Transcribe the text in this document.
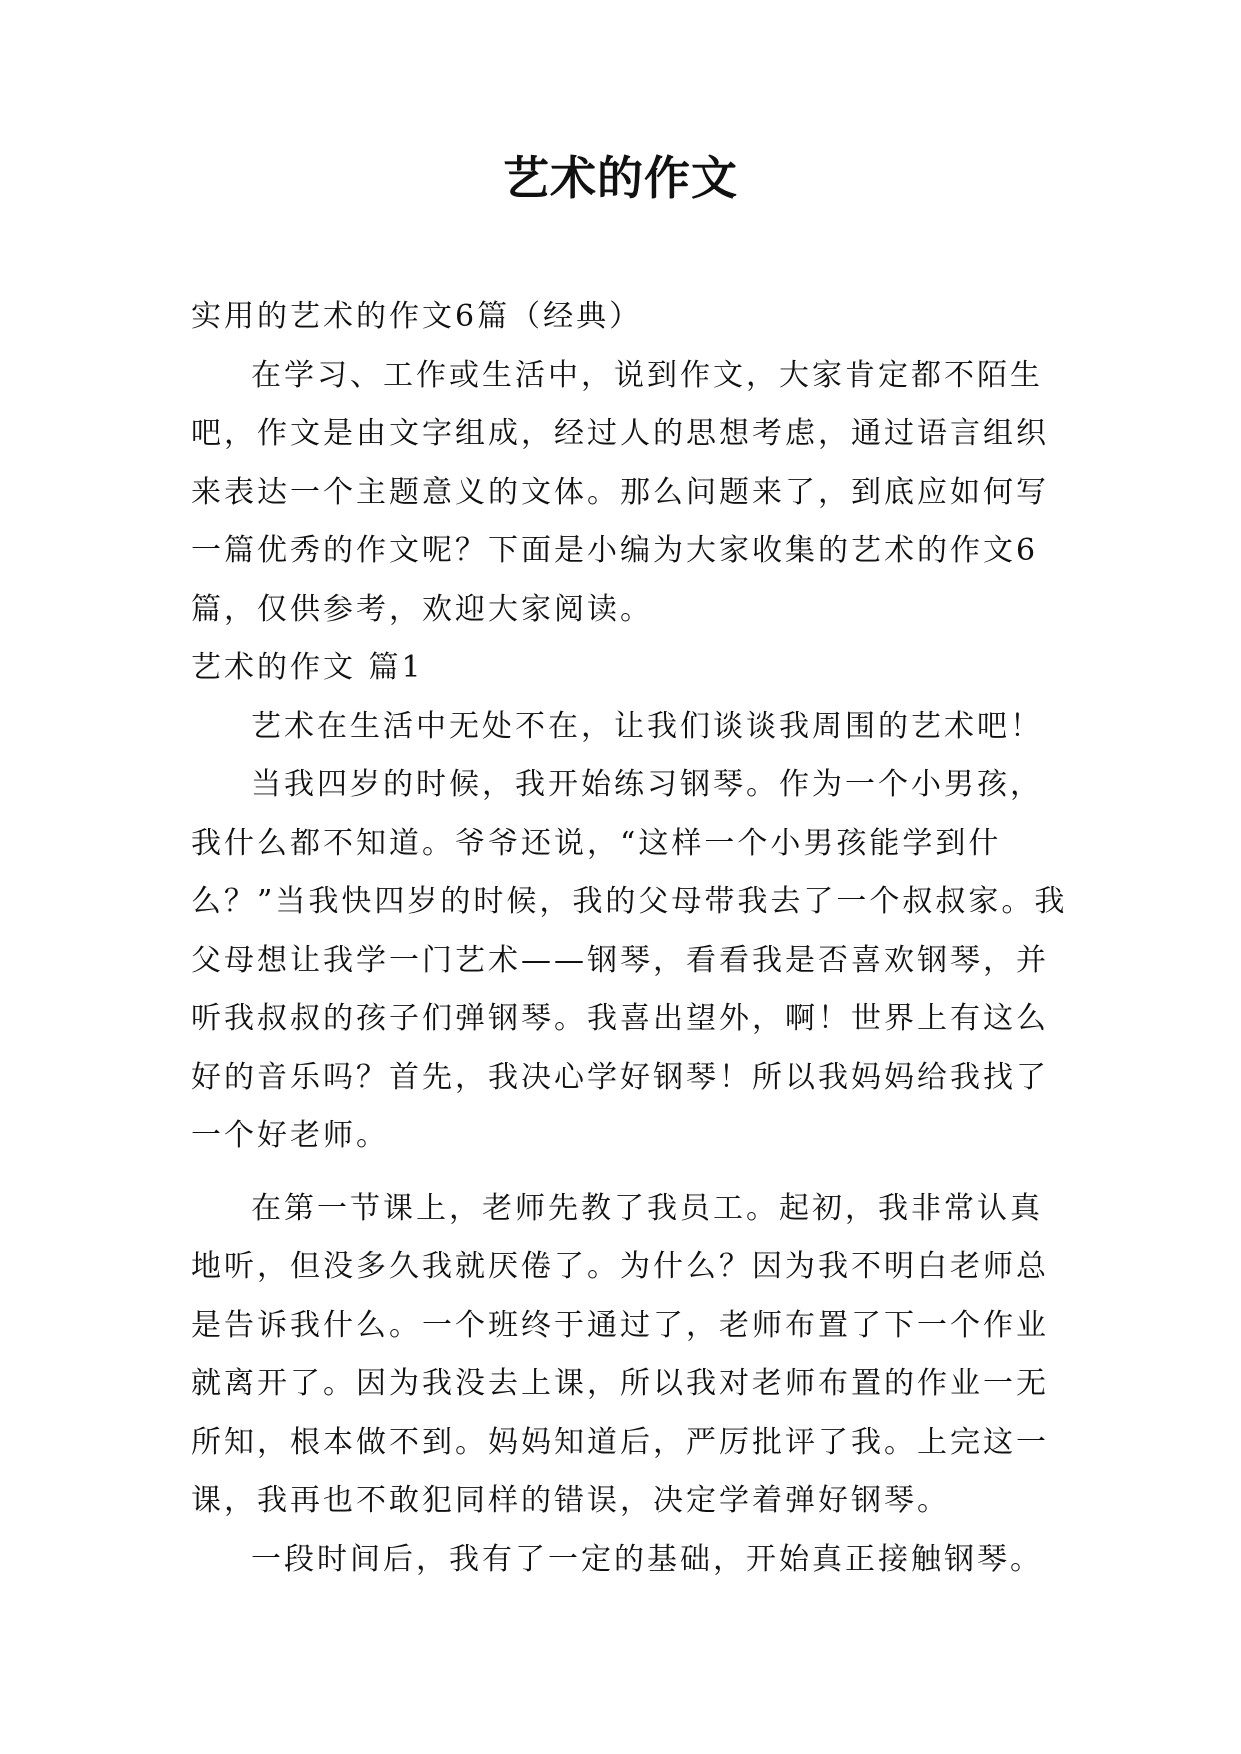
艺术的作文

实用的艺术的作文6篇（经典）

在学习、工作或生活中，说到作文，大家肯定都不陌生吧，作文是由文字组成，经过人的思想考虑，通过语言组织来表达一个主题意义的文体。那么问题来了，到底应如何写一篇优秀的作文呢？下面是小编为大家收集的艺术的作文6篇，仅供参考，欢迎大家阅读。

艺术的作文 篇1

艺术在生活中无处不在，让我们谈谈我周围的艺术吧！

当我四岁的时候，我开始练习钢琴。作为一个小男孩，我什么都不知道。爷爷还说，“这样一个小男孩能学到什么？”当我快四岁的时候，我的父母带我去了一个叔叔家。我父母想让我学一门艺术——钢琴，看看我是否喜欢钢琴，并听我叔叔的孩子们弹钢琴。我喜出望外，啊！世界上有这么好的音乐吗？首先，我决心学好钢琴！所以我妈妈给我找了一个好老师。

在第一节课上，老师先教了我员工。起初，我非常认真地听，但没多久我就厌倦了。为什么？因为我不明白老师总是告诉我什么。一个班终于通过了，老师布置了下一个作业就离开了。因为我没去上课，所以我对老师布置的作业一无所知，根本做不到。妈妈知道后，严厉批评了我。上完这一课，我再也不敢犯同样的错误，决定学着弹好钢琴。

一段时间后，我有了一定的基础，开始真正接触钢琴。
